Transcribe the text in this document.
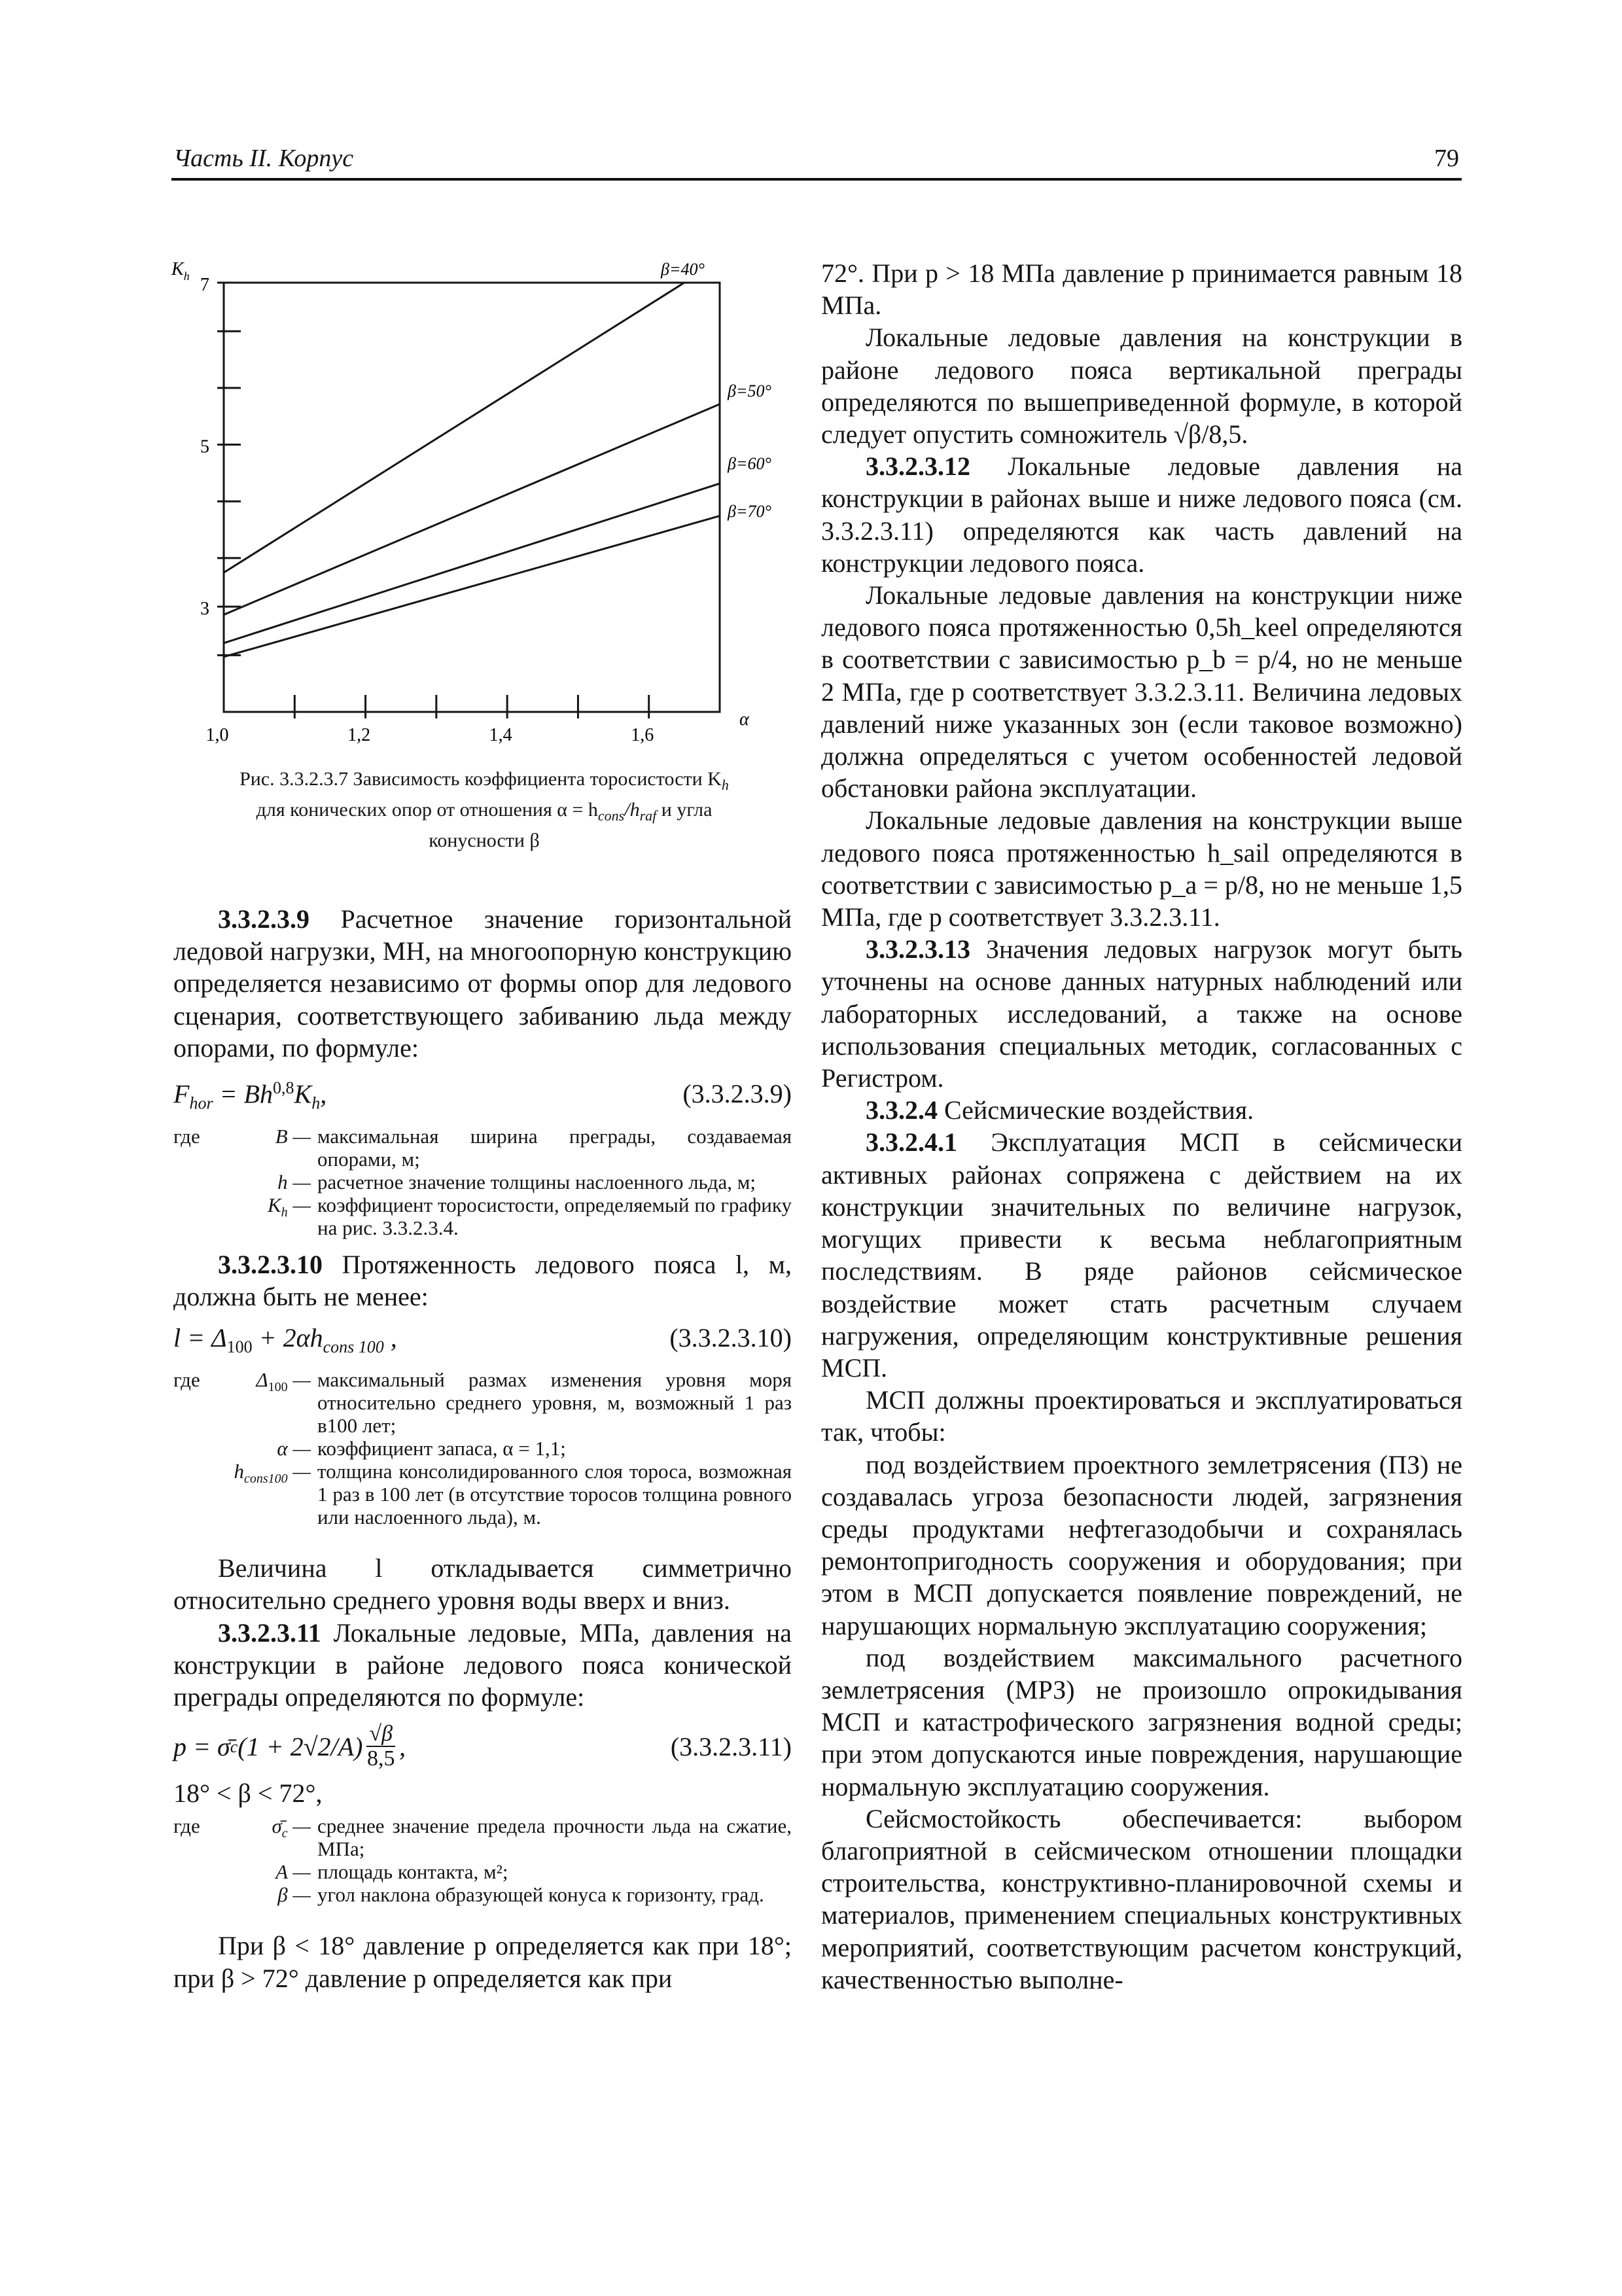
Часть II. Корпус	79
3
5
7
1,0	1,2	1,4	1,6
$K_h$
α
β=40°
β=50°
β=60°
β=70°
Рис. 3.3.2.3.7 Зависимость коэффициента торосистости $K_h$
для конических опор от отношения $\alpha = h_{cons}/h_{raf}$ и угла
конусности β

3.3.2.3.9 Расчетное значение горизонтальной ледовой нагрузки, МН, на многоопорную конструкцию определяется независимо от формы опор для ледового сценария, соответствующего забиванию льда между опорами, по формуле:

$F_{hor} = Bh^{0,8}K_h$,	(3.3.2.3.9)
где	B — максимальная ширина преграды, создаваемая опорами, м;
h — расчетное значение толщины наслоенного льда, м;
$K_h$ — коэффициент торосистости, определяемый по графику на рис. 3.3.2.3.4.

3.3.2.3.10 Протяженность ледового пояса l, м, должна быть не менее:

$l = \Delta_{100} + 2\alpha h_{cons 100}$ ,	(3.3.2.3.10)
где	$\Delta_{100}$ — максимальный размах изменения уровня моря относительно среднего уровня, м, возможный 1 раз в100 лет;
α — коэффициент запаса, α = 1,1;
$h_{cons100}$ — толщина консолидированного слоя тороса, возможная 1 раз в 100 лет (в отсутствие торосов толщина ровного или наслоенного льда), м.

Величина l откладывается симметрично относительно среднего уровня воды вверх и вниз.

3.3.2.3.11 Локальные ледовые, МПа, давления на конструкции в районе ледового пояса конической преграды определяются по формуле:

p = σ̄ c (1 + 2√2/A) √β
8,5 ,	(3.3.2.3.11)
18° < β < 72°,
где	$\sigmā_c$ — среднее значение предела прочности льда на сжатие, МПа;
A — площадь контакта, м²;
β — угол наклона образующей конуса к горизонту, град.

При β < 18° давление p определяется как при 18°; при β > 72° давление p определяется как при

72°. При p > 18 МПа давление p принимается равным 18 МПа.

Локальные ледовые давления на конструкции в районе ледового пояса вертикальной преграды определяются по вышеприведенной формуле, в которой следует опустить сомножитель √β/8,5.

3.3.2.3.12 Локальные ледовые давления на конструкции в районах выше и ниже ледового пояса (см. 3.3.2.3.11) определяются как часть давлений на конструкции ледового пояса.

Локальные ледовые давления на конструкции ниже ледового пояса протяженностью 0,5h_keel определяются в соответствии с зависимостью p_b = p/4, но не меньше 2 МПа, где p соответствует 3.3.2.3.11. Величина ледовых давлений ниже указанных зон (если таковое возможно) должна определяться с учетом особенностей ледовой обстановки района эксплуатации.

Локальные ледовые давления на конструкции выше ледового пояса протяженностью h_sail определяются в соответствии с зависимостью p_a = p/8, но не меньше 1,5 МПа, где p соответствует 3.3.2.3.11.

3.3.2.3.13 Значения ледовых нагрузок могут быть уточнены на основе данных натурных наблюдений или лабораторных исследований, а также на основе использования специальных методик, согласованных с Регистром.

3.3.2.4 Сейсмические воздействия.

3.3.2.4.1 Эксплуатация МСП в сейсмически активных районах сопряжена с действием на их конструкции значительных по величине нагрузок, могущих привести к весьма неблагоприятным последствиям. В ряде районов сейсмическое воздействие может стать расчетным случаем нагружения, определяющим конструктивные решения МСП.

МСП должны проектироваться и эксплуатироваться так, чтобы:

под воздействием проектного землетрясения (ПЗ) не создавалась угроза безопасности людей, загрязнения среды продуктами нефтегазодобычи и сохранялась ремонтопригодность сооружения и оборудования; при этом в МСП допускается появление повреждений, не нарушающих нормальную эксплуатацию сооружения;

под воздействием максимального расчетного землетрясения (МРЗ) не произошло опрокидывания МСП и катастрофического загрязнения водной среды; при этом допускаются иные повреждения, нарушающие нормальную эксплуатацию сооружения.

Сейсмостойкость обеспечивается: выбором благоприятной в сейсмическом отношении площадки строительства, конструктивно-планировочной схемы и материалов, применением специальных конструктивных мероприятий, соответствующим расчетом конструкций, качественностью выполне-
